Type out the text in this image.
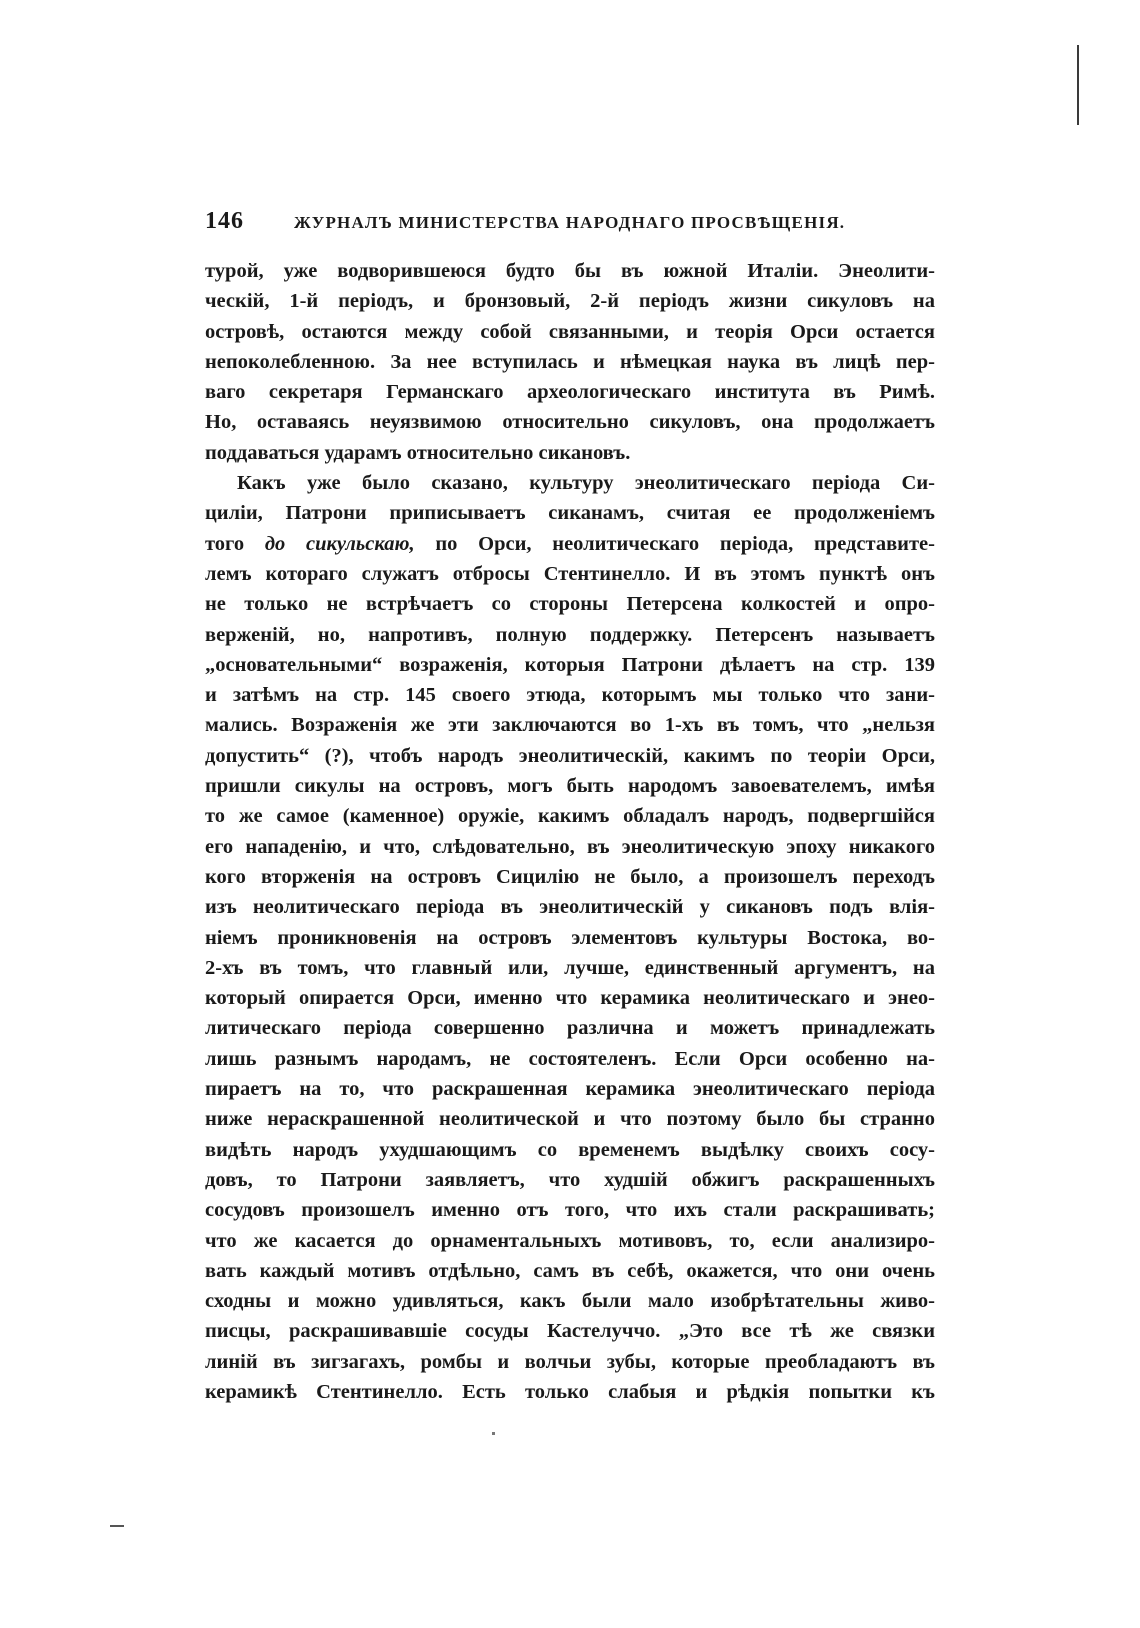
146	ЖУРНАЛЪ МИНИСТЕРСТВА НАРОДНАГО ПРОСВѢЩЕНІЯ.
турой, уже водворившеюся будто бы въ южной Италіи. Энеолити-
ческій, 1-й періодъ, и бронзовый, 2-й періодъ жизни сикуловъ на
островѣ, остаются между собой связанными, и теорія Орси остается
непоколебленною. За нее вступилась и нѣмецкая наука въ лицѣ пер-
ваго секретаря Германскаго археологическаго института въ Римѣ.
Но, оставаясь неуязвимою относительно сикуловъ, она продолжаетъ
поддаваться ударамъ относительно сикановъ.
Какъ уже было сказано, культуру энеолитическаго періода Си-
циліи, Патрони приписываетъ сиканамъ, считая ее продолженіемъ
того до сикульскаю, по Орси, неолитическаго періода, представите-
лемъ котораго служатъ отбросы Стентинелло. И въ этомъ пунктѣ онъ
не только не встрѣчаетъ со стороны Петерсена колкостей и опро-
верженій, но, напротивъ, полную поддержку. Петерсенъ называетъ
„основательными“ возраженія, которыя Патрони дѣлаетъ на стр. 139
и затѣмъ на стр. 145 своего этюда, которымъ мы только что зани-
мались. Возраженія же эти заключаются во 1-хъ въ томъ, что „нельзя
допустить“ (?), чтобъ народъ энеолитическій, какимъ по теоріи Орси,
пришли сикулы на островъ, могъ быть народомъ завоевателемъ, имѣя
то же самое (каменное) оружіе, какимъ обладалъ народъ, подвергшійся
его нападенію, и что, слѣдовательно, въ энеолитическую эпоху никакого
кого вторженія на островъ Сицилію не было, а произошелъ переходъ
изъ неолитическаго періода въ энеолитическій у сикановъ подъ влія-
ніемъ проникновенія на островъ элементовъ культуры Востока, во-
2-хъ въ томъ, что главный или, лучше, единственный аргументъ, на
который опирается Орси, именно что керамика неолитическаго и энео-
литическаго періода совершенно различна и можетъ принадлежать
лишь разнымъ народамъ, не состоятеленъ. Если Орси особенно на-
пираетъ на то, что раскрашенная керамика энеолитическаго періода
ниже нераскрашенной неолитической и что поэтому было бы странно
видѣть народъ ухудшающимъ со временемъ выдѣлку своихъ сосу-
довъ, то Патрони заявляетъ, что худшій обжигъ раскрашенныхъ
сосудовъ произошелъ именно отъ того, что ихъ стали раскрашивать;
что же касается до орнаментальныхъ мотивовъ, то, если анализиро-
вать каждый мотивъ отдѣльно, самъ въ себѣ, окажется, что они очень
сходны и можно удивляться, какъ были мало изобрѣтательны живо-
писцы, раскрашивавшіе сосуды Кастелуччо. „Это все тѣ же связки
линій въ зигзагахъ, ромбы и волчьи зубы, которые преобладаютъ въ
керамикѣ Стентинелло. Есть только слабыя и рѣдкія попытки къ
